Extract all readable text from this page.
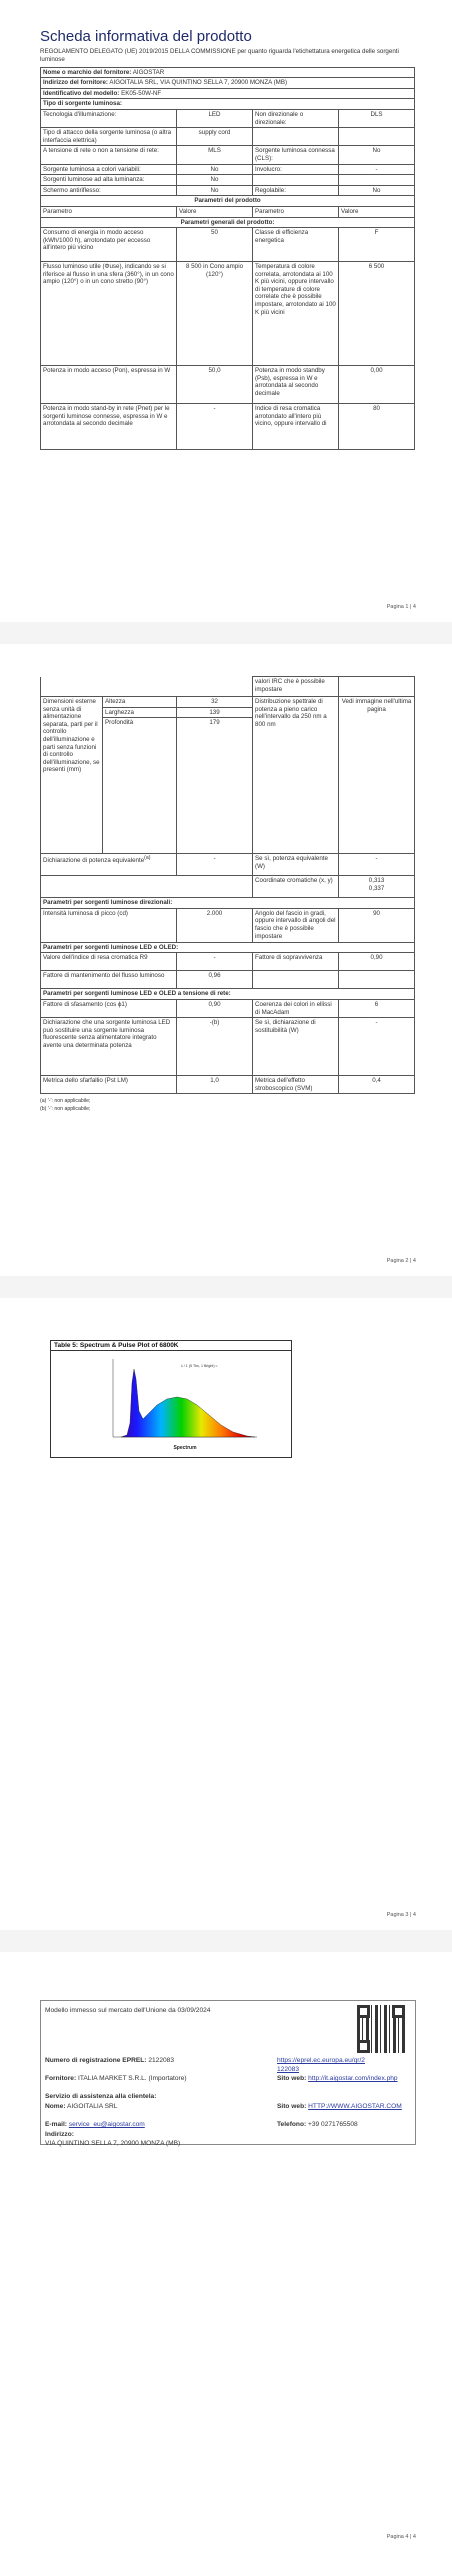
Scheda informativa del prodotto
REGOLAMENTO DELEGATO (UE) 2019/2015 DELLA COMMISSIONE per quanto riguarda l'etichettatura energetica delle sorgenti luminose
Nome o marchio del fornitore: AIGOSTAR			
Indirizzo del fornitore: AIGOITALIA SRL, VIA QUINTINO SELLA 7, 20900 MONZA (MB)			
Identificativo del modello: EK05-50W-NF			
Tipo di sorgente luminosa:			
Tecnologia d'illuminazione:	LED	Non direzionale o direzionale:	DLS
Tipo di attacco della sorgente luminosa (o altra interfaccia elettrica)	supply cord		
A tensione di rete o non a tensione di rete:	MLS	Sorgente luminosa connessa (CLS):	No
Sorgente luminosa a colori variabili:	No	Involucro:	-
Sorgenti luminose ad alta luminanza:	No		
Schermo antiriflesso:	No	Regolabile:	No
Parametri del prodotto			
Parametro	Valore	Parametro	Valore
Parametri generali del prodotto:			
Consumo di energia in modo acceso (kWh/1000 h), arrotondato per eccesso all'intero più vicino	50	Classe di efficienza energetica	F
Flusso luminoso utile (Φuse), indicando se si riferisce al flusso in una sfera (360°), in un cono ampio (120°) o in un cono stretto (90°)	8 500 in Cono ampio (120°)	Temperatura di colore correlata, arrotondata ai 100 K più vicini, oppure intervallo di temperature di colore correlate che è possibile impostare, arrotondato ai 100 K più vicini	6 500
Potenza in modo acceso (Pon), espressa in W	50,0	Potenza in modo standby (Psb), espressa in W e arrotondata al secondo decimale	0,00
Potenza in modo stand-by in rete (Pnet) per le sorgenti luminose connesse, espressa in W e arrotondata al secondo decimale	-	Indice di resa cromatica arrotondato all'intero più vicino, oppure intervallo di	80
Pagina 1 | 4
			valori IRC che è possibile impostare	
Dimensioni esterne senza unità di alimentazione separata, parti per il controllo dell'illuminazione e parti senza funzioni di controllo dell'illuminazione, se presenti (mm)	Altezza	32	Distribuzione spettrale di potenza a pieno carico nell'intervallo da 250 nm a 800 nm	Vedi immagine nell'ultima pagina
	Larghezza	139		
	Profondità	179		
Dichiarazione di potenza equivalente$^{(a)}$		-	Se sì, potenza equivalente (W)	-
			Coordinate cromatiche (x, y)	0,313
0,337
Parametri per sorgenti luminose direzionali:				
Intensità luminosa di picco (cd)		2.000	Angolo del fascio in gradi, oppure intervallo di angoli del fascio che è possibile impostare	90
Parametri per sorgenti luminose LED e OLED:				
Valore dell'indice di resa cromatica R9		-	Fattore di sopravvivenza	0,90
Fattore di mantenimento del flusso luminoso		0,96		
Parametri per sorgenti luminose LED e OLED a tensione di rete:				
Fattore di sfasamento (cos ϕ1)		0,90	Coerenza dei colori in ellissi di MacAdam	6
Dichiarazione che una sorgente luminosa LED può sostituire una sorgente luminosa fluorescente senza alimentatore integrato avente una determinata potenza		-(b)	Se sì, dichiarazione di sostituibilità (W)	-
Metrica dello sfarfallio (Pst LM)		1,0	Metrica dell'effetto stroboscopico (SVM)	0,4
(a) '-': non applicabile;
(b) '-': non applicabile;
Pagina 2 | 4
Table 5: Spectrum & Pulse Plot of 6800K
λ / 1 (5 Ths, 1 Bright) =
Spectrum
Pagina 3 | 4
Modello immesso sul mercato dell'Unione da 03/09/2024
Numero di registrazione EPREL: 2122083	https://eprel.ec.europa.eu/qr/2122083
Fornitore: ITALIA MARKET S.R.L. (Importatore)	Sito web: http://it.aigostar.com/index.php
Servizio di assistenza alla clientela:
Nome: AIGOITALIA SRL	Sito web: HTTP://WWW.AIGOSTAR.COM
E-mail: service_eu@aigostar.com	Telefono: +39 0271765508
Indirizzo:
VIA QUINTINO SELLA 7, 20900 MONZA (MB)
Pagina 4 | 4
